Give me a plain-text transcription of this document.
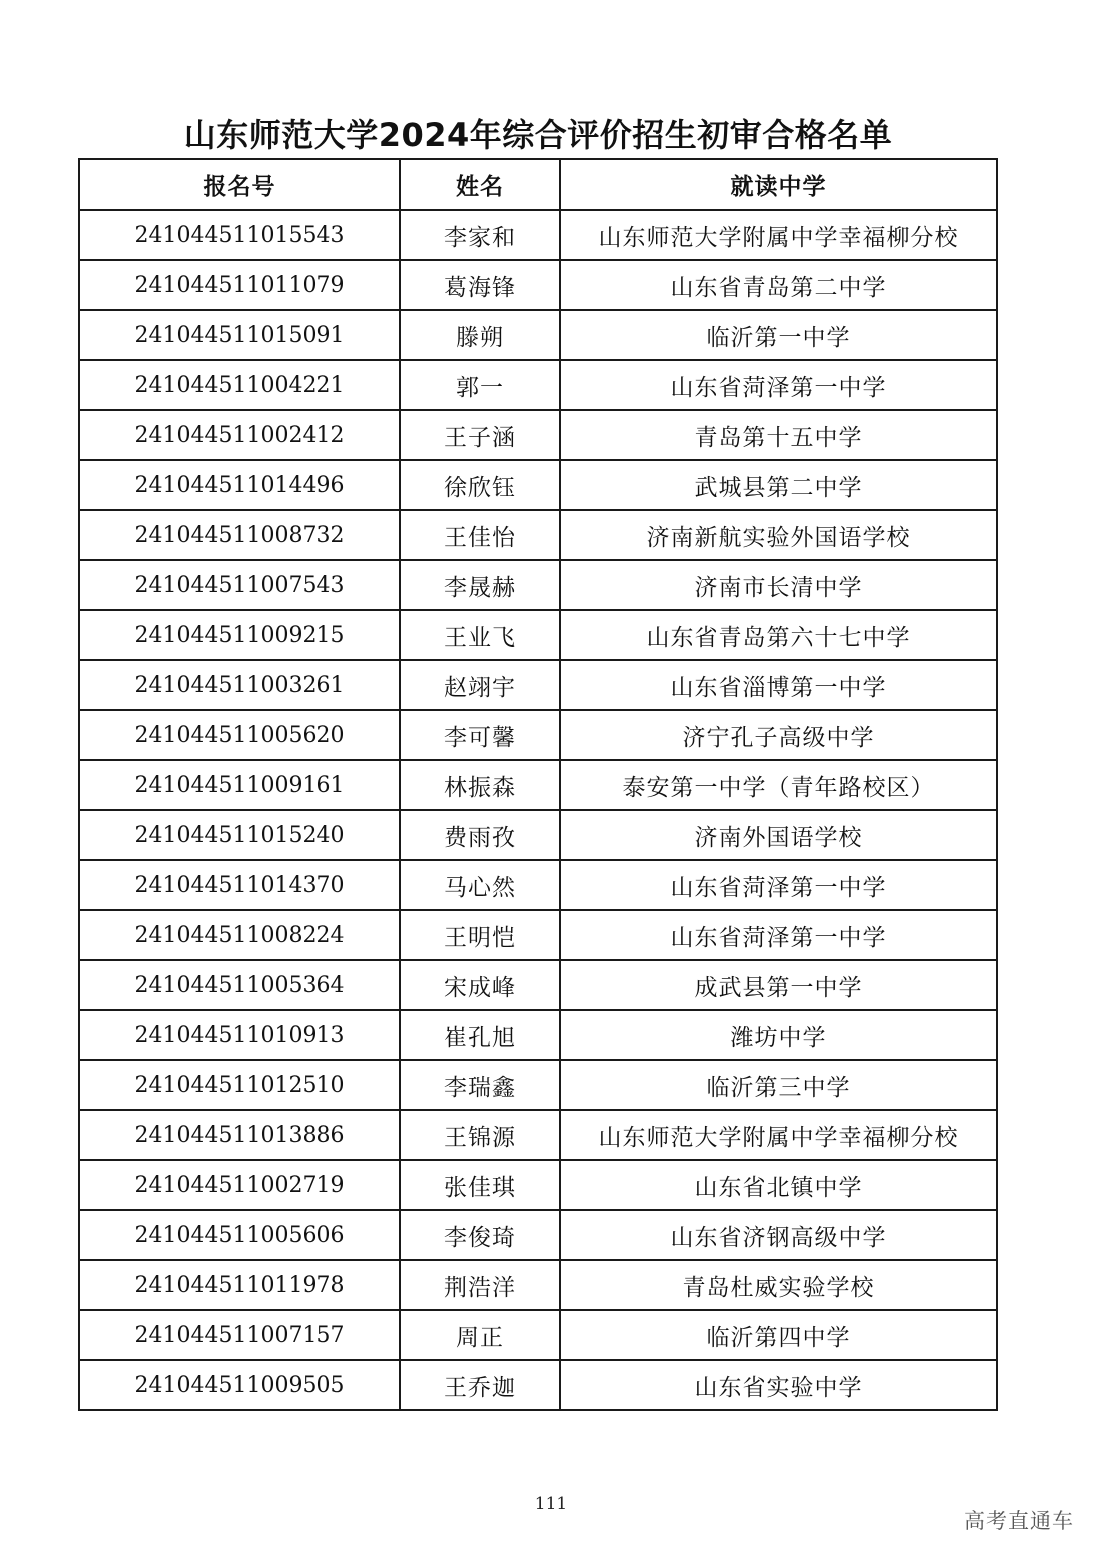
山东师范大学2024年综合评价招生初审合格名单
报名号	姓名	就读中学
241044511015543	李家和	山东师范大学附属中学幸福柳分校
241044511011079	葛海锋	山东省青岛第二中学
241044511015091	滕朔	临沂第一中学
241044511004221	郭一	山东省菏泽第一中学
241044511002412	王子涵	青岛第十五中学
241044511014496	徐欣钰	武城县第二中学
241044511008732	王佳怡	济南新航实验外国语学校
241044511007543	李晟赫	济南市长清中学
241044511009215	王业飞	山东省青岛第六十七中学
241044511003261	赵翊宇	山东省淄博第一中学
241044511005620	李可馨	济宁孔子高级中学
241044511009161	林振森	泰安第一中学（青年路校区）
241044511015240	费雨孜	济南外国语学校
241044511014370	马心然	山东省菏泽第一中学
241044511008224	王明恺	山东省菏泽第一中学
241044511005364	宋成峰	成武县第一中学
241044511010913	崔孔旭	潍坊中学
241044511012510	李瑞鑫	临沂第三中学
241044511013886	王锦源	山东师范大学附属中学幸福柳分校
241044511002719	张佳琪	山东省北镇中学
241044511005606	李俊琦	山东省济钢高级中学
241044511011978	荆浩洋	青岛杜威实验学校
241044511007157	周正	临沂第四中学
241044511009505	王乔迦	山东省实验中学
111
高考直通车
